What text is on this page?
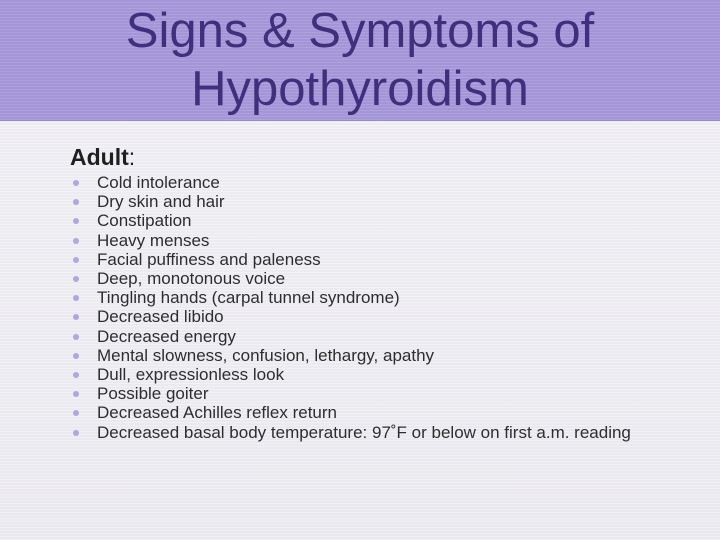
Signs & Symptoms of
Hypothyroidism
Adult:
Cold intolerance
Dry skin and hair
Constipation
Heavy menses
Facial puffiness and paleness
Deep, monotonous voice
Tingling hands (carpal tunnel syndrome)
Decreased libido
Decreased energy
Mental slowness, confusion, lethargy, apathy
Dull, expressionless look
Possible goiter
Decreased Achilles reflex return
Decreased basal body temperature: 97˚F or below on first a.m. reading
